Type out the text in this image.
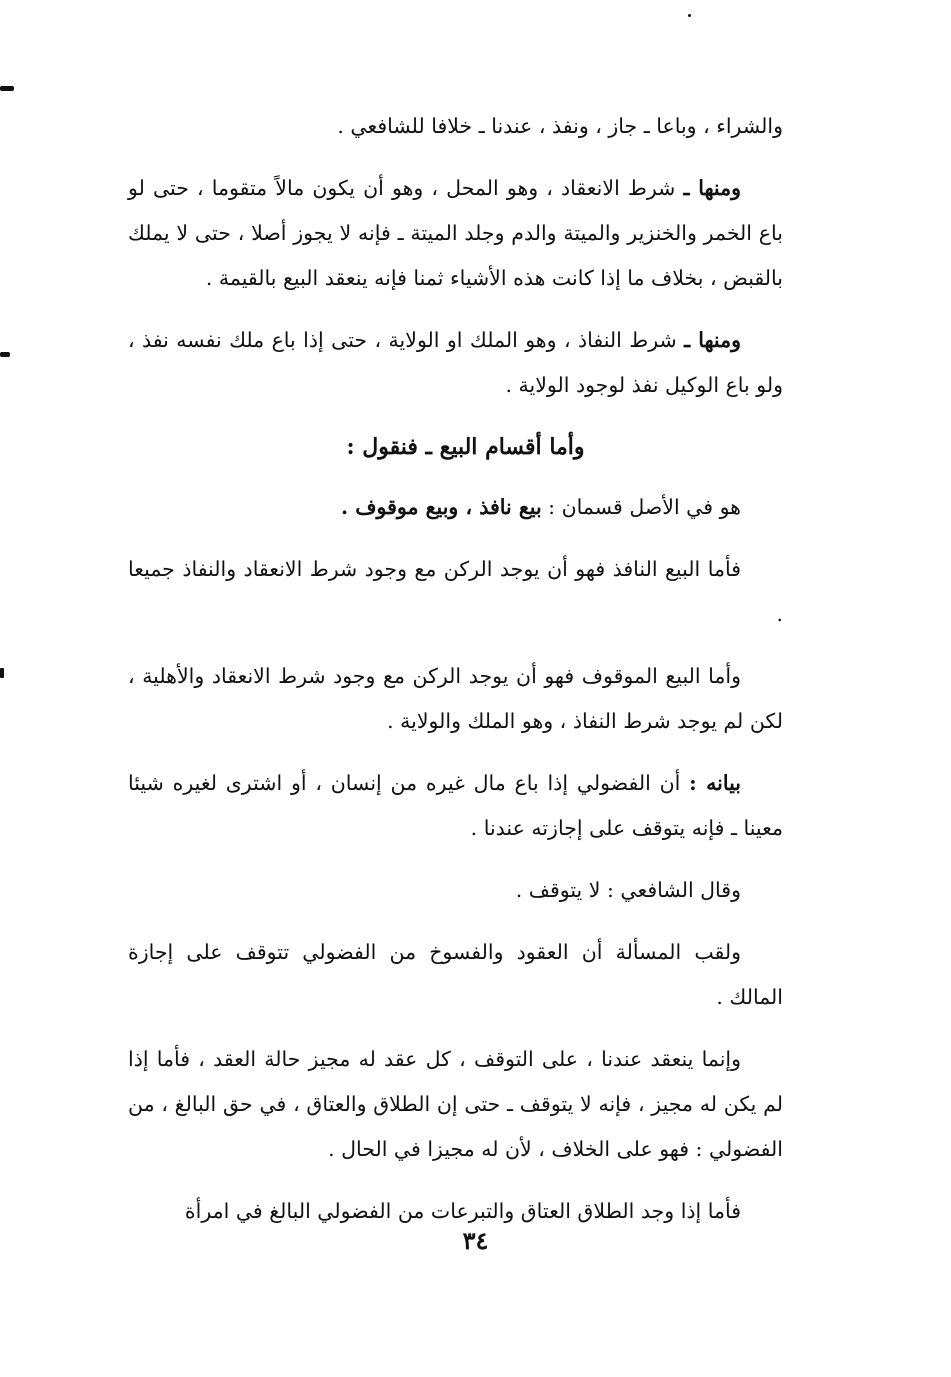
والشراء ، وباعا ـ جاز ، ونفذ ، عندنا ـ خلافا للشافعي .

ومنها ـ شرط الانعقاد ، وهو المحل ، وهو أن يكون مالاً متقوما ، حتى لو باع الخمر والخنزير والميتة والدم وجلد الميتة ـ فإنه لا يجوز أصلا ، حتى لا يملك بالقبض ، بخلاف ما إذا كانت هذه الأشياء ثمنا فإنه ينعقد البيع بالقيمة .

ومنها ـ شرط النفاذ ، وهو الملك او الولاية ، حتى إذا باع ملك نفسه نفذ ، ولو باع الوكيل نفذ لوجود الولاية .

وأما أقسام البيع ـ فنقول :

هو في الأصل قسمان : بيع نافذ ، وبيع موقوف .

فأما البيع النافذ فهو أن يوجد الركن مع وجود شرط الانعقاد والنفاذ جميعا .

وأما البيع الموقوف فهو أن يوجد الركن مع وجود شرط الانعقاد والأهلية ، لكن لم يوجد شرط النفاذ ، وهو الملك والولاية .

بيانه : أن الفضولي إذا باع مال غيره من إنسان ، أو اشترى لغيره شيئا معينا ـ فإنه يتوقف على إجازته عندنا .

وقال الشافعي : لا يتوقف .

ولقب المسألة أن العقود والفسوخ من الفضولي تتوقف على إجازة المالك .

وإنما ينعقد عندنا ، على التوقف ، كل عقد له مجيز حالة العقد ، فأما إذا لم يكن له مجيز ، فإنه لا يتوقف ـ حتى إن الطلاق والعتاق ، في حق البالغ ، من الفضولي : فهو على الخلاف ، لأن له مجيزا في الحال .

فأما إذا وجد الطلاق العتاق والتبرعات من الفضولي البالغ في امرأة

٣٤
